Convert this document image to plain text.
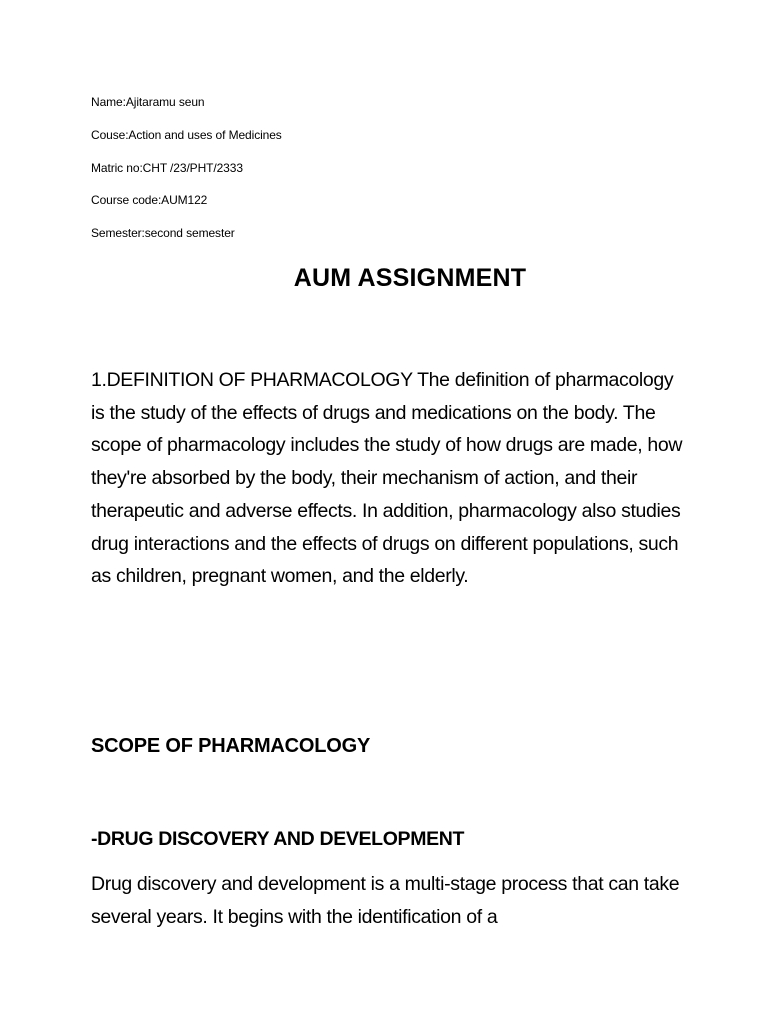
Name:Ajitaramu seun
Couse:Action and uses of Medicines
Matric no:CHT /23/PHT/2333
Course code:AUM122
Semester:second semester
AUM ASSIGNMENT

1.DEFINITION OF PHARMACOLOGY The definition of pharmacology is the study of the effects of drugs and medications on the body. The scope of pharmacology includes the study of how drugs are made, how they're absorbed by the body, their mechanism of action, and their therapeutic and adverse effects. In addition, pharmacology also studies drug interactions and the effects of drugs on different populations, such as children, pregnant women, and the elderly.

SCOPE OF PHARMACOLOGY
-DRUG DISCOVERY AND DEVELOPMENT

Drug discovery and development is a multi-stage process that can take several years. It begins with the identification of a
